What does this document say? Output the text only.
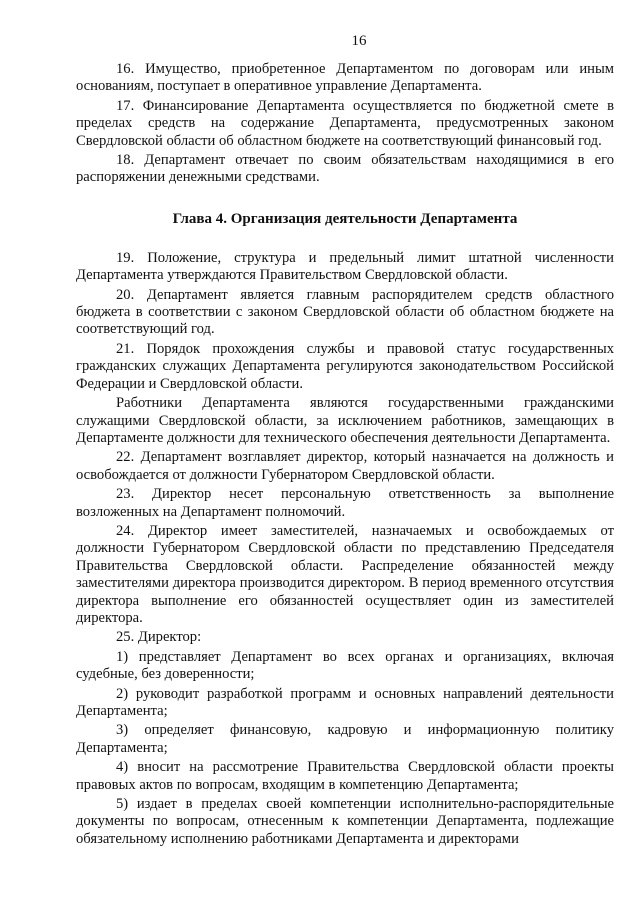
16

16. Имущество, приобретенное Департаментом по договорам или иным основаниям, поступает в оперативное управление Департамента.

17. Финансирование Департамента осуществляется по бюджетной смете в пределах средств на содержание Департамента, предусмотренных законом Свердловской области об областном бюджете на соответствующий финансовый год.

18. Департамент отвечает по своим обязательствам находящимися в его распоряжении денежными средствами.

Глава 4. Организация деятельности Департамента

19. Положение, структура и предельный лимит штатной численности Департамента утверждаются Правительством Свердловской области.

20. Департамент является главным распорядителем средств областного бюджета в соответствии с законом Свердловской области об областном бюджете на соответствующий год.

21. Порядок прохождения службы и правовой статус государственных гражданских служащих Департамента регулируются законодательством Российской Федерации и Свердловской области.

Работники Департамента являются государственными гражданскими служащими Свердловской области, за исключением работников, замещающих в Департаменте должности для технического обеспечения деятельности Департамента.

22. Департамент возглавляет директор, который назначается на должность и освобождается от должности Губернатором Свердловской области.

23. Директор несет персональную ответственность за выполнение возложенных на Департамент полномочий.

24. Директор имеет заместителей, назначаемых и освобождаемых от должности Губернатором Свердловской области по представлению Председателя Правительства Свердловской области. Распределение обязанностей между заместителями директора производится директором. В период временного отсутствия директора выполнение его обязанностей осуществляет один из заместителей директора.

25. Директор:

1) представляет Департамент во всех органах и организациях, включая судебные, без доверенности;

2) руководит разработкой программ и основных направлений деятельности Департамента;

3) определяет финансовую, кадровую и информационную политику Департамента;

4) вносит на рассмотрение Правительства Свердловской области проекты правовых актов по вопросам, входящим в компетенцию Департамента;

5) издает в пределах своей компетенции исполнительно-распорядительные документы по вопросам, отнесенным к компетенции Департамента, подлежащие обязательному исполнению работниками Департамента и директорами
